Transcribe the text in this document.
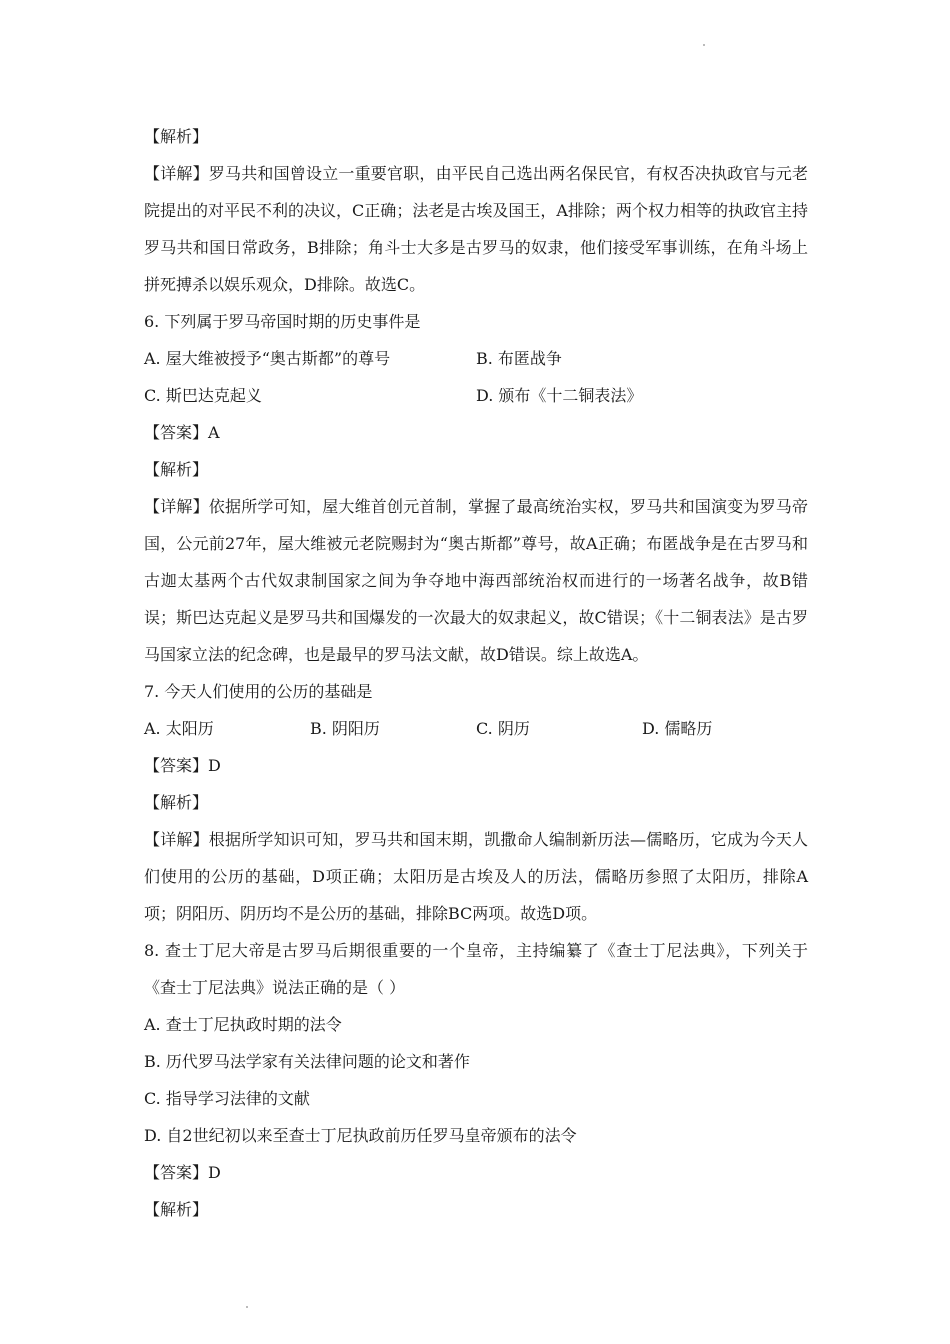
【解析】
【详解】罗马共和国曾设立一重要官职，由平民自己选出两名保民官，有权否决执政官与元老院提出的对平民不利的决议，C正确；法老是古埃及国王，A排除；两个权力相等的执政官主持罗马共和国日常政务，B排除；角斗士大多是古罗马的奴隶，他们接受军事训练，在角斗场上拼死搏杀以娱乐观众，D排除。故选C。
6. 下列属于罗马帝国时期的历史事件是
A. 屋大维被授予“奥古斯都”的尊号	B. 布匿战争
C. 斯巴达克起义	D. 颁布《十二铜表法》
【答案】A
【解析】
【详解】依据所学可知，屋大维首创元首制，掌握了最高统治实权，罗马共和国演变为罗马帝国，公元前27年，屋大维被元老院赐封为“奥古斯都”尊号，故A正确；布匿战争是在古罗马和古迦太基两个古代奴隶制国家之间为争夺地中海西部统治权而进行的一场著名战争，故B错误；斯巴达克起义是罗马共和国爆发的一次最大的奴隶起义，故C错误；《十二铜表法》是古罗马国家立法的纪念碑，也是最早的罗马法文献，故D错误。综上故选A。
7. 今天人们使用的公历的基础是
A. 太阳历	B. 阴阳历	C. 阴历	D. 儒略历
【答案】D
【解析】
【详解】根据所学知识可知，罗马共和国末期，凯撒命人编制新历法—儒略历，它成为今天人们使用的公历的基础，D项正确；太阳历是古埃及人的历法，儒略历参照了太阳历，排除A项；阴阳历、阴历均不是公历的基础，排除BC两项。故选D项。
8. 查士丁尼大帝是古罗马后期很重要的一个皇帝，主持编纂了《查士丁尼法典》，下列关于《查士丁尼法典》说法正确的是（ ）
A. 查士丁尼执政时期的法令
B. 历代罗马法学家有关法律问题的论文和著作
C. 指导学习法律的文献
D. 自2世纪初以来至查士丁尼执政前历任罗马皇帝颁布的法令
【答案】D
【解析】
